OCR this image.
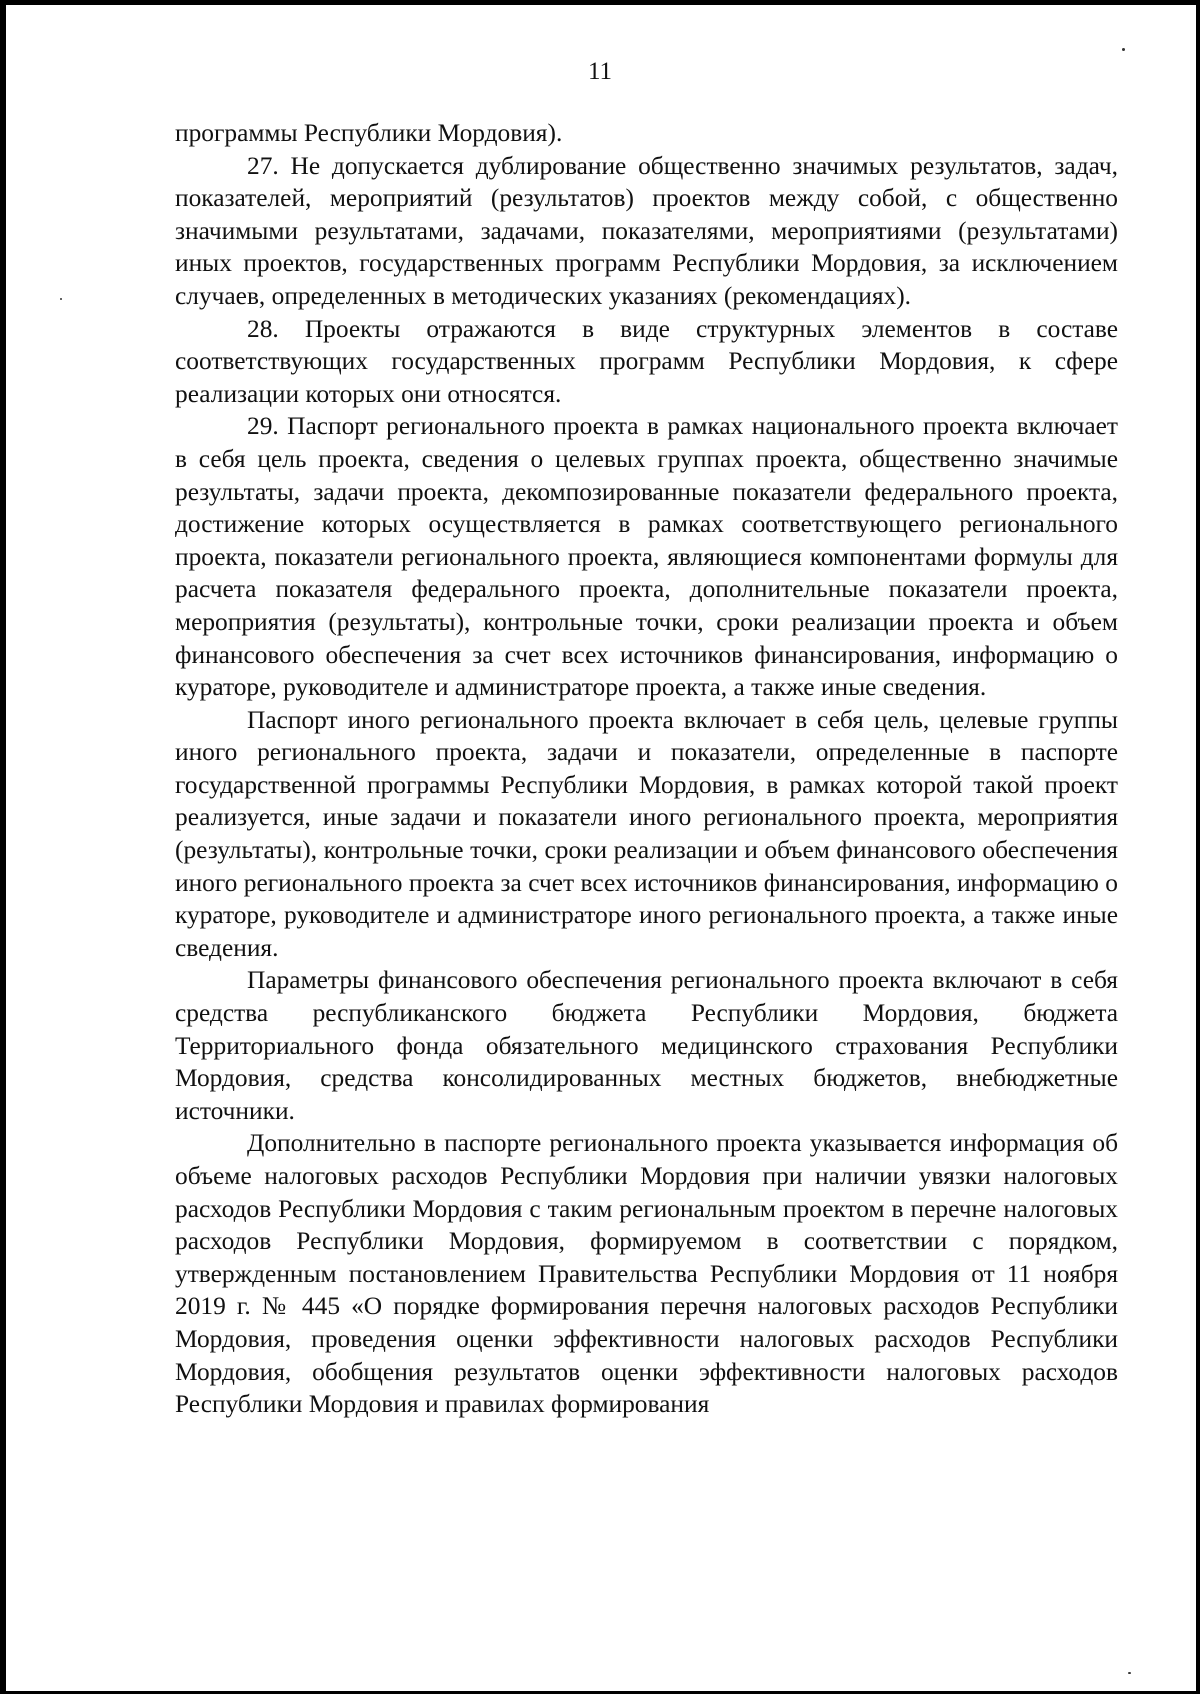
11

программы Республики Мордовия).

27. Не допускается дублирование общественно значимых результатов, задач, показателей, мероприятий (результатов) проектов между собой, с общественно значимыми результатами, задачами, показателями, мероприятиями (результатами) иных проектов, государственных программ Республики Мордовия, за исключением случаев, определенных в методических указаниях (рекомендациях).

28. Проекты отражаются в виде структурных элементов в составе соответствующих государственных программ Республики Мордовия, к сфере реализации которых они относятся.

29. Паспорт регионального проекта в рамках национального проекта включает в себя цель проекта, сведения о целевых группах проекта, общественно значимые результаты, задачи проекта, декомпозированные показатели федерального проекта, достижение которых осуществляется в рамках соответствующего регионального проекта, показатели регионального проекта, являющиеся компонентами формулы для расчета показателя федерального проекта, дополнительные показатели проекта, мероприятия (результаты), контрольные точки, сроки реализации проекта и объем финансового обеспечения за счет всех источников финансирования, информацию о кураторе, руководителе и администраторе проекта, а также иные сведения.

Паспорт иного регионального проекта включает в себя цель, целевые группы иного регионального проекта, задачи и показатели, определенные в паспорте государственной программы Республики Мордовия, в рамках которой такой проект реализуется, иные задачи и показатели иного регионального проекта, мероприятия (результаты), контрольные точки, сроки реализации и объем финансового обеспечения иного регионального проекта за счет всех источников финансирования, информацию о кураторе, руководителе и администраторе иного регионального проекта, а также иные сведения.

Параметры финансового обеспечения регионального проекта включают в себя средства республиканского бюджета Республики Мордовия, бюджета Территориального фонда обязательного медицинского страхования Республики Мордовия, средства консолидированных местных бюджетов, внебюджетные источники.

Дополнительно в паспорте регионального проекта указывается информация об объеме налоговых расходов Республики Мордовия при наличии увязки налоговых расходов Республики Мордовия с таким региональным проектом в перечне налоговых расходов Республики Мордовия, формируемом в соответствии с порядком, утвержденным постановлением Правительства Республики Мордовия от 11 ноября 2019 г. № 445 «О порядке формирования перечня налоговых расходов Республики Мордовия, проведения оценки эффективности налоговых расходов Республики Мордовия, обобщения результатов оценки эффективности налоговых расходов Республики Мордовия и правилах формирования
